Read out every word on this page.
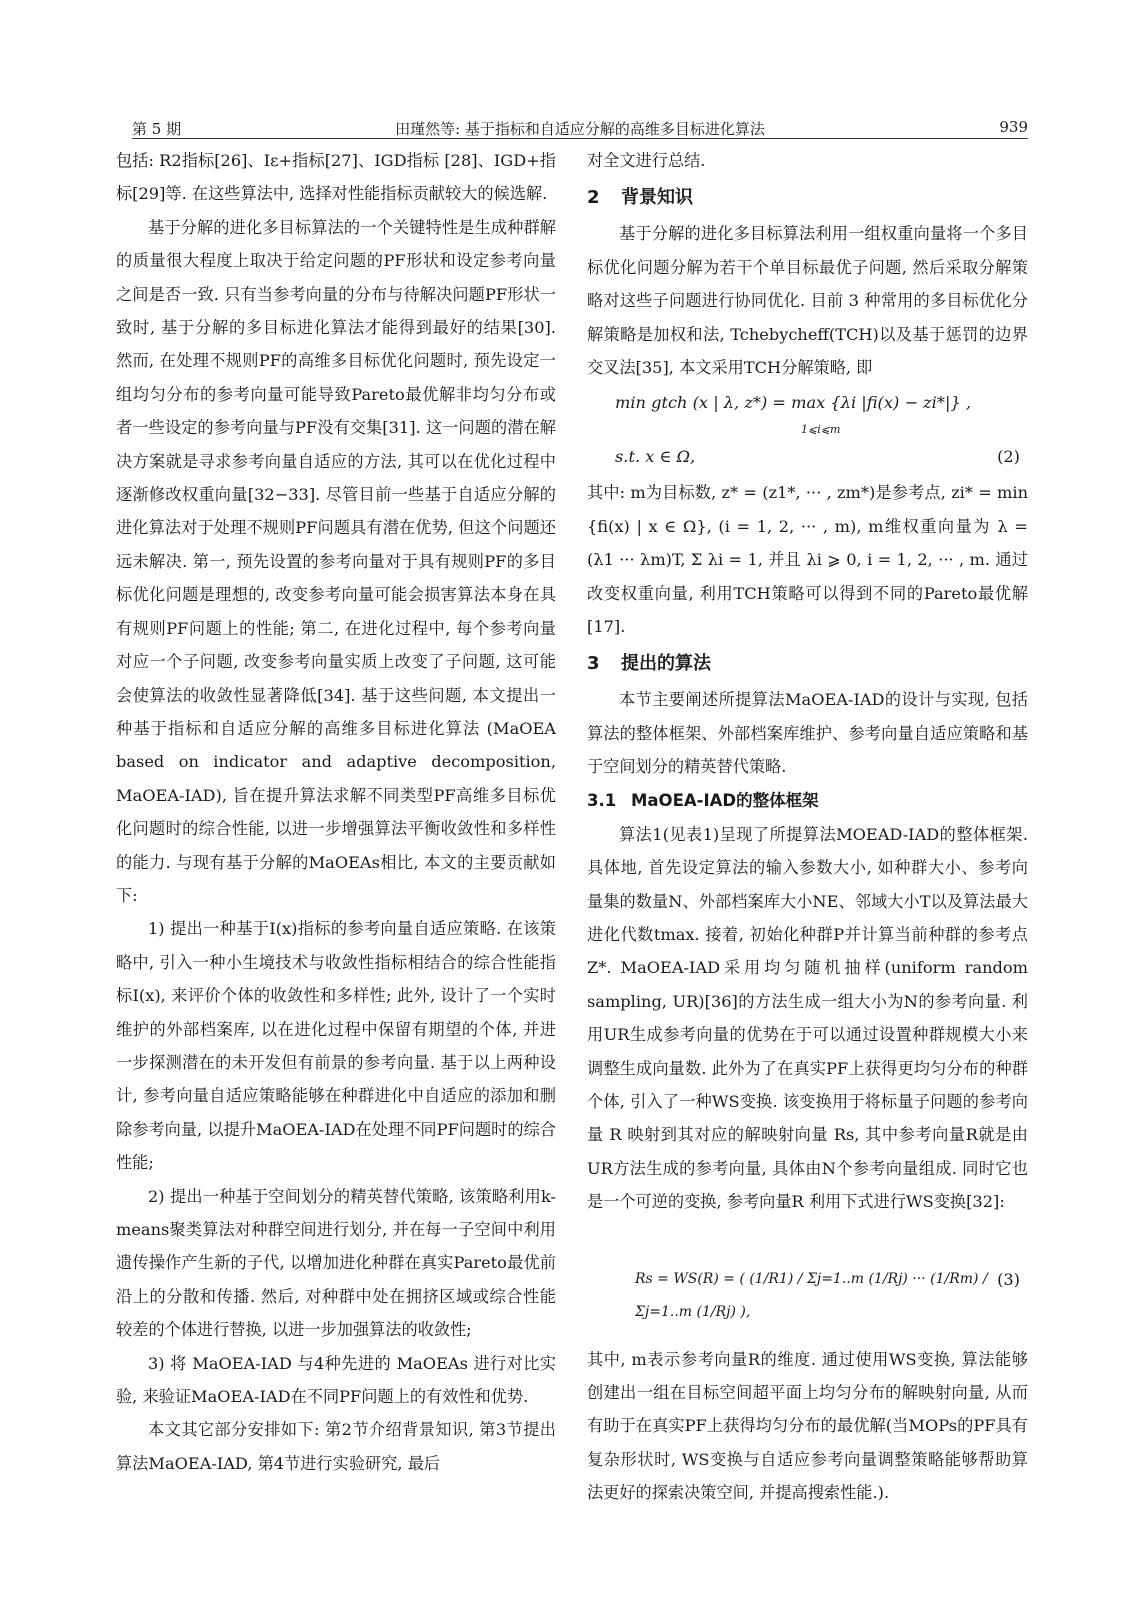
第 5 期	田瑾然等: 基于指标和自适应分解的高维多目标进化算法	939

包括: R2指标[26]、Iε+指标[27]、IGD指标 [28]、IGD+指标[29]等. 在这些算法中, 选择对性能指标贡献较大的候选解.

基于分解的进化多目标算法的一个关键特性是生成种群解的质量很大程度上取决于给定问题的PF形状和设定参考向量之间是否一致. 只有当参考向量的分布与待解决问题PF形状一致时, 基于分解的多目标进化算法才能得到最好的结果[30]. 然而, 在处理不规则PF的高维多目标优化问题时, 预先设定一组均匀分布的参考向量可能导致Pareto最优解非均匀分布或者一些设定的参考向量与PF没有交集[31]. 这一问题的潜在解决方案就是寻求参考向量自适应的方法, 其可以在优化过程中逐渐修改权重向量[32−33]. 尽管目前一些基于自适应分解的进化算法对于处理不规则PF问题具有潜在优势, 但这个问题还远未解决. 第一, 预先设置的参考向量对于具有规则PF的多目标优化问题是理想的, 改变参考向量可能会损害算法本身在具有规则PF问题上的性能; 第二, 在进化过程中, 每个参考向量对应一个子问题, 改变参考向量实质上改变了子问题, 这可能会使算法的收敛性显著降低[34]. 基于这些问题, 本文提出一种基于指标和自适应分解的高维多目标进化算法 (MaOEA based on indicator and adaptive decomposition, MaOEA-IAD), 旨在提升算法求解不同类型PF高维多目标优化问题时的综合性能, 以进一步增强算法平衡收敛性和多样性的能力. 与现有基于分解的MaOEAs相比, 本文的主要贡献如下:

1) 提出一种基于I(x)指标的参考向量自适应策略. 在该策略中, 引入一种小生境技术与收敛性指标相结合的综合性能指标I(x), 来评价个体的收敛性和多样性; 此外, 设计了一个实时维护的外部档案库, 以在进化过程中保留有期望的个体, 并进一步探测潜在的未开发但有前景的参考向量. 基于以上两种设计, 参考向量自适应策略能够在种群进化中自适应的添加和删除参考向量, 以提升MaOEA-IAD在处理不同PF问题时的综合性能;

2) 提出一种基于空间划分的精英替代策略, 该策略利用k-means聚类算法对种群空间进行划分, 并在每一子空间中利用遗传操作产生新的子代, 以增加进化种群在真实Pareto最优前沿上的分散和传播. 然后, 对种群中处在拥挤区域或综合性能较差的个体进行替换, 以进一步加强算法的收敛性;

3) 将 MaOEA-IAD 与4种先进的 MaOEAs 进行对比实验, 来验证MaOEA-IAD在不同PF问题上的有效性和优势.

本文其它部分安排如下: 第2节介绍背景知识, 第3节提出算法MaOEA-IAD, 第4节进行实验研究, 最后

对全文进行总结.

2 背景知识

基于分解的进化多目标算法利用一组权重向量将一个多目标优化问题分解为若干个单目标最优子问题, 然后采取分解策略对这些子问题进行协同优化. 目前 3 种常用的多目标优化分解策略是加权和法, Tchebycheff(TCH)以及基于惩罚的边界交叉法[35], 本文采用TCH分解策略, 即

min gtch (x | λ, z*) = max {λi |fi(x) − zi*|} ,
1⩽i⩽m
s.t. x ∈ Ω,	(2)

其中: m为目标数, z* = (z1*, ··· , zm*)是参考点, zi* = min {fi(x) | x ∈ Ω}, (i = 1, 2, ··· , m), m维权重向量为 λ = (λ1 ··· λm)T, Σ λi = 1, 并且 λi ⩾ 0, i = 1, 2, ··· , m. 通过改变权重向量, 利用TCH策略可以得到不同的Pareto最优解[17].

3 提出的算法

本节主要阐述所提算法MaOEA-IAD的设计与实现, 包括算法的整体框架、外部档案库维护、参考向量自适应策略和基于空间划分的精英替代策略.

3.1 MaOEA-IAD的整体框架

算法1(见表1)呈现了所提算法MOEAD-IAD的整体框架. 具体地, 首先设定算法的输入参数大小, 如种群大小、参考向量集的数量N、外部档案库大小NE、邻域大小T以及算法最大进化代数tmax. 接着, 初始化种群P并计算当前种群的参考点Z*. MaOEA-IAD采用均匀随机抽样(uniform random sampling, UR)[36]的方法生成一组大小为N的参考向量. 利用UR生成参考向量的优势在于可以通过设置种群规模大小来调整生成向量数. 此外为了在真实PF上获得更均匀分布的种群个体, 引入了一种WS变换. 该变换用于将标量子问题的参考向量 R 映射到其对应的解映射向量 Rs, 其中参考向量R就是由UR方法生成的参考向量, 具体由N个参考向量组成. 同时它也是一个可逆的变换, 参考向量R 利用下式进行WS变换[32]:

Rs = WS(R) = ( (1/R1) / Σj=1..m (1/Rj) ··· (1/Rm) / Σj=1..m (1/Rj) ),
(3)

其中, m表示参考向量R的维度. 通过使用WS变换, 算法能够创建出一组在目标空间超平面上均匀分布的解映射向量, 从而有助于在真实PF上获得均匀分布的最优解(当MOPs的PF具有复杂形状时, WS变换与自适应参考向量调整策略能够帮助算法更好的探索决策空间, 并提高搜索性能.).
